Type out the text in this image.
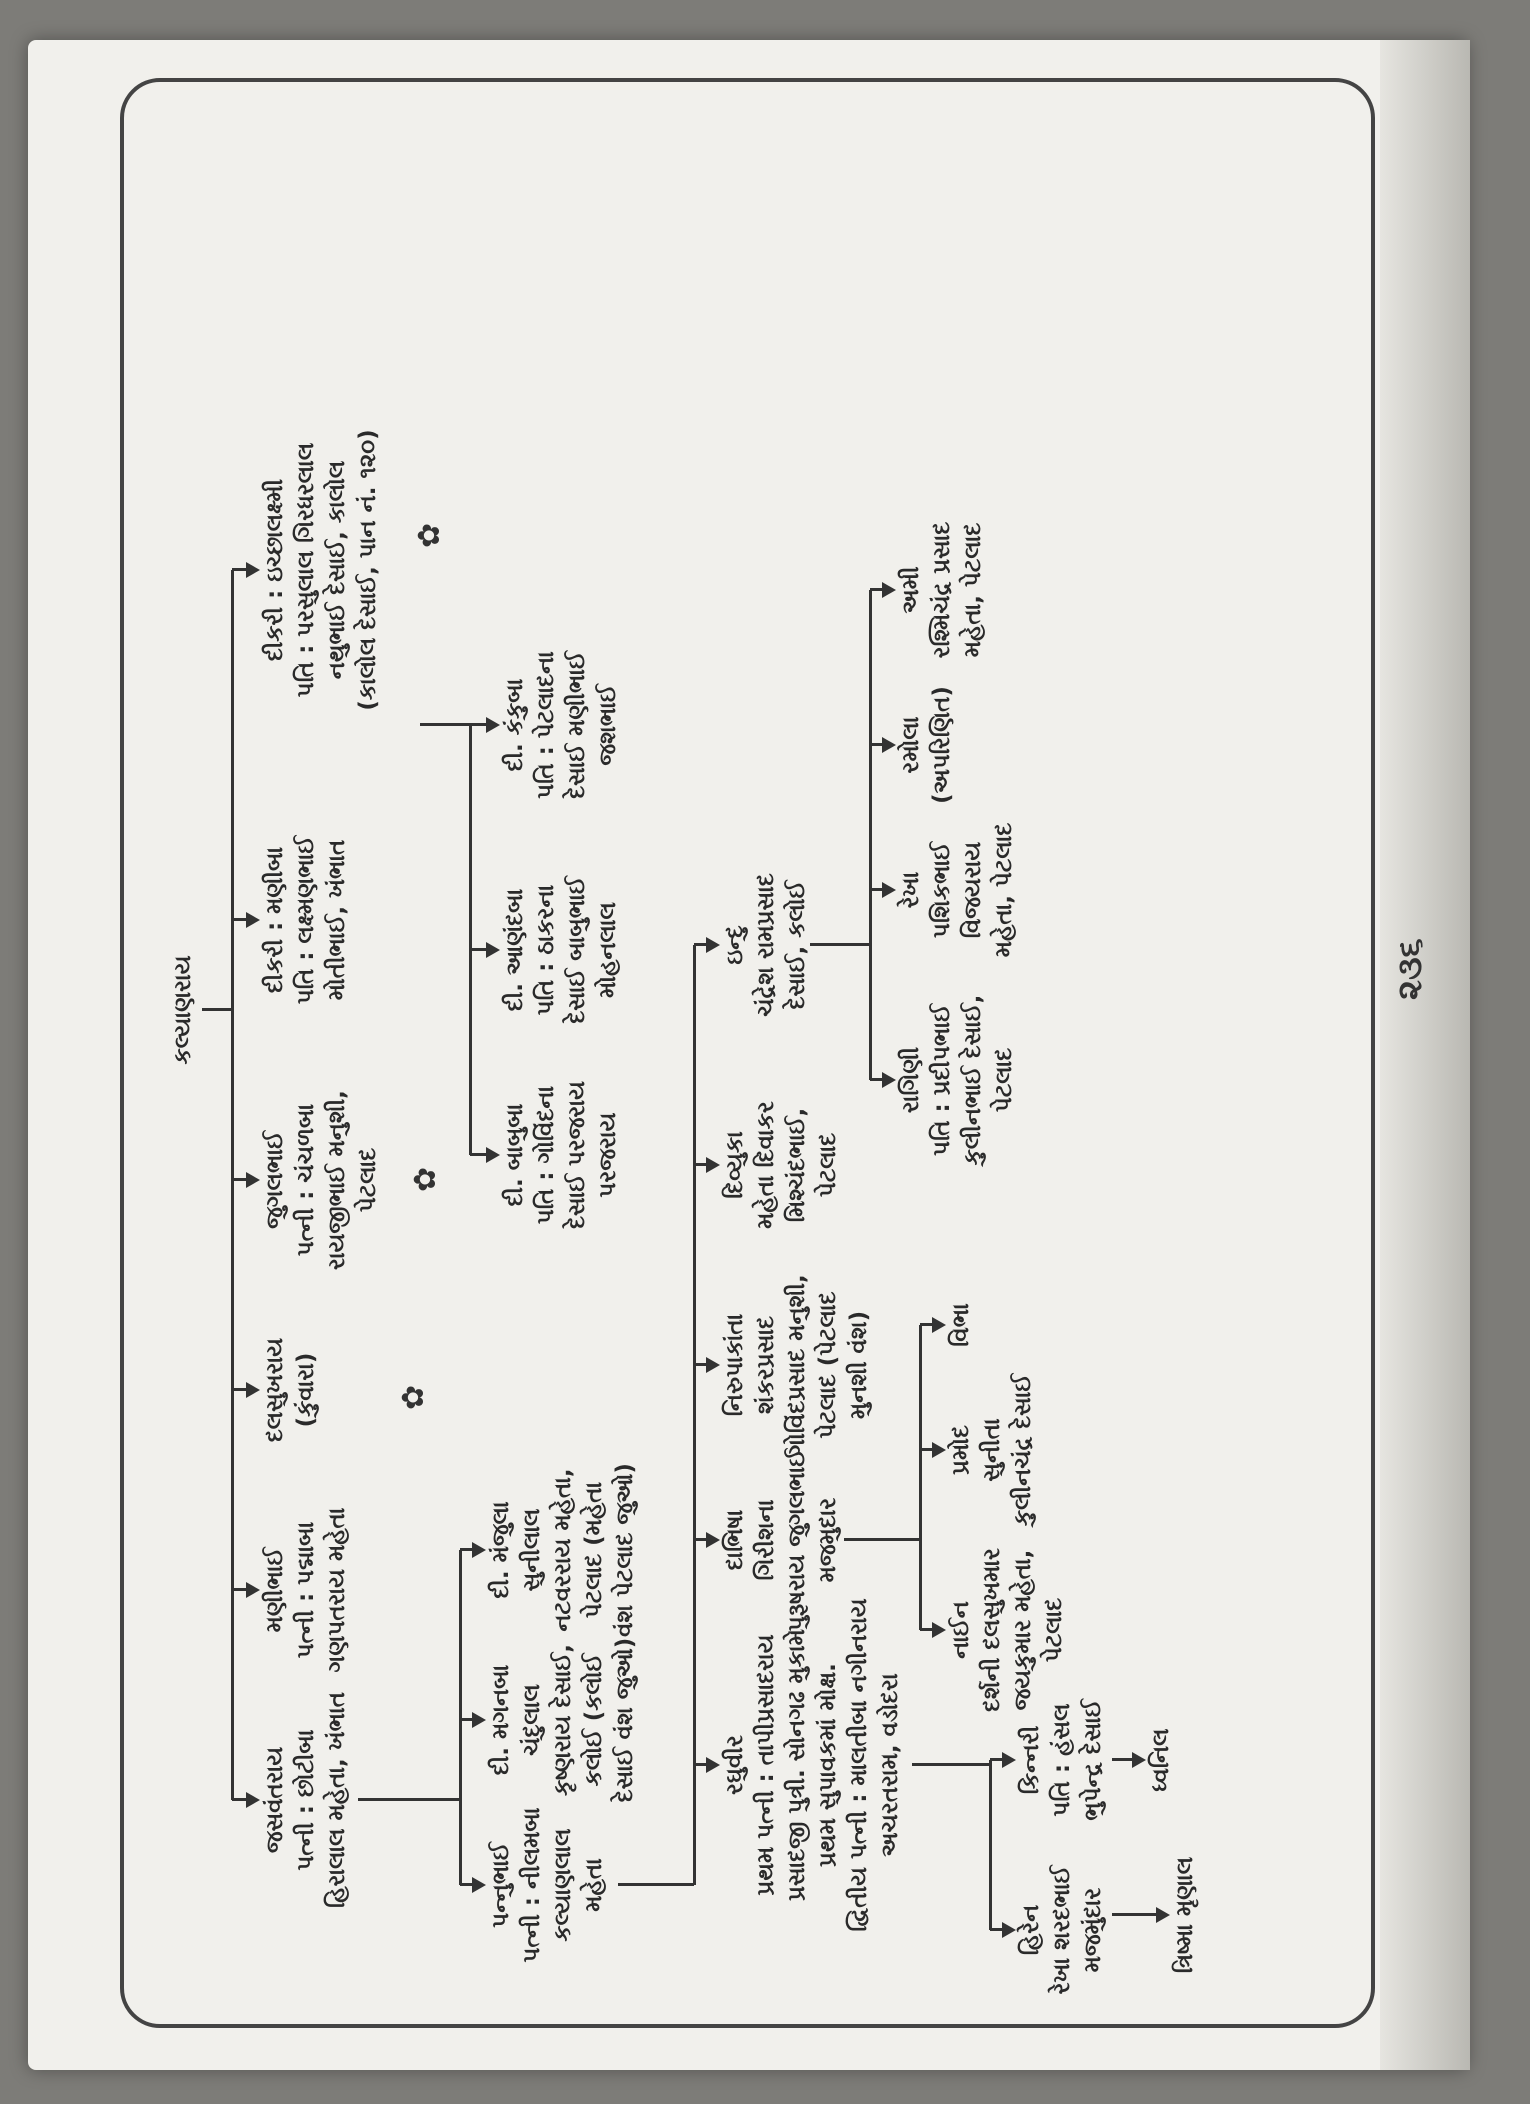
કલ્યાણરાય
જસવંતરાય પત્ની : છોટીબા હિરાલાલ મહેતા, ખંભાત
મણીભાઈ પત્ની : પદ્માબા ગણપતરાય મહેતા
દલસુખરાય (કુંવારા)
જુગલભાઈ પત્ની : ચંચળબા રાયજીભાઈ મનુશી, પેટલાદ
દીકરી : મણીબા પતિ : લક્ષ્મણભાઈ મોતીભાઈ, ખંભાત
દીકરી : ઇચ્છાલક્ષ્મી પતિ : પરસુલાલ ગિરધરલાલ નથુભાઈ દેસાઈ, કાલોલ (કાલોલ દેસાઈ, પાન નં. ૧૨૦)
✿
✿
✿
પન્નુભાઈ પત્ની : નીલમબા કલ્યાણલાલ મહેતા
દી. મગનબા ચંદુલાલ કૃષ્ણરાય દેસાઈ, કલોઈ (કલોઈ દેસાઈ વંશ જુઓ)
દી. મંજુલા સુનીલાલ નટવરરાય મહેતા, પેટલાદ (મહેતા વંશ પેટલાદ જુઓ)
દી. બાબુબા પતિ : ગોવિંદના દેસાઈ પરજરાય પરજરાય
દી. આણંદબા પતિ : ઠાકરના દેસાઈ બાબુભાઈ મોહનલાલ
દી. કંકુબા પતિ : પેટલાદના દેસાઈ મણીભાઈ જશભાઈ
રઘુવીર પ્રથમ પત્ની : તાપીપ્રસાદરાય પ્રસાદજી પુત્રી. સોનગઢ મુકામે પ્રથમ સુપાવકમાં મોક્ષ. દ્વિતીય પત્ની : માલતીબા નગીનરાય અચરતરામ, વડોદરા
દાભિષા ગિરીશના પુરૂષરાય જુગલભાઈ મજમુદાર
નિરુપાકાંતા શંકરપ્રસાદ ગોવિંદપ્રસાદ મનુશી, પેટલાદ (પેટલાદ મુનશી વંશ)
દિવ્યુકા મહેતા દિવાકર મિશ્ચંદભાઈ, પેટલાદ
ઇન્દુ ચંદ્રેશ રામપ્રસાદ દેસાઈ, કલોઈ
હિરેન રેખા શરદભાઈ મજમુંદાર
કિન્નરી પતિ : હંસલ ભુપેન્દ્ર દેસાઈ
ત્રિષ્મા મૃણાલ
ધ્વનિલ
નાઈન દર્શની દલસુખમાર જયકુમાર મહેતા, પેટલાદ
પ્રમોદ સુનીતા કુલીનચંદ્ર દેસાઈ
વિભા
રાગિણી પતિ : પ્રદીપભાઈ કુલીનભાઈ દેસાઈ, પેટલાદ
રેખા પશિકભાઈ વિજયરાય મહેતા, પેટલાદ
રમોલા (અપરિણિત)
અમી રશ્મિચંદ્ર પ્રસાદ મહેતા, પેટલાદ
૨૩૬
